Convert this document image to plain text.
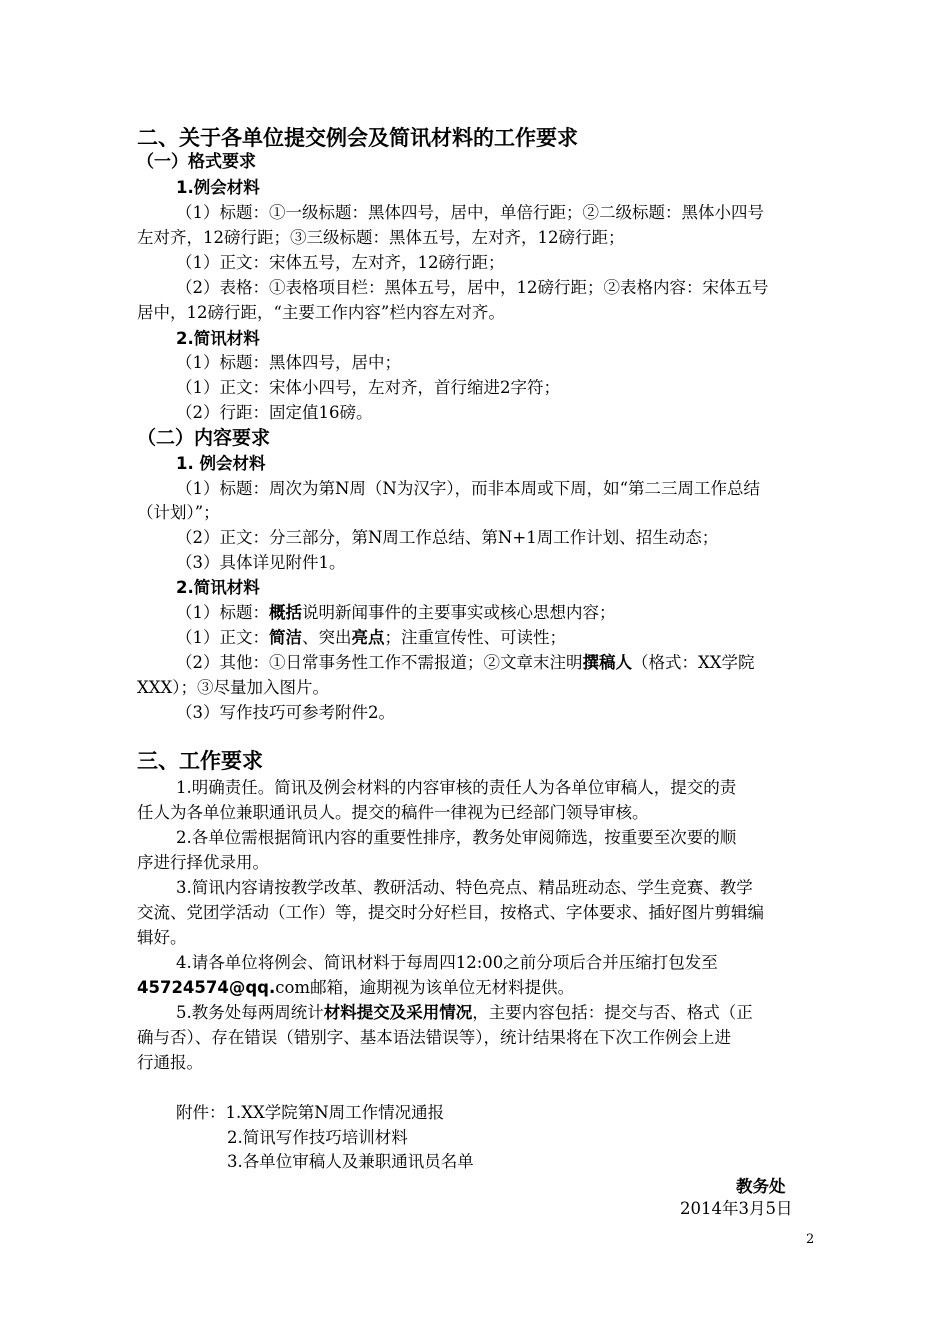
二、关于各单位提交例会及简讯材料的工作要求
（一）格式要求
1.例会材料
（1）标题：①一级标题：黑体四号，居中，单倍行距；②二级标题：黑体小四号
左对齐，12磅行距；③三级标题：黑体五号，左对齐，12磅行距；
（1）正文：宋体五号，左对齐，12磅行距；
（2）表格：①表格项目栏：黑体五号，居中，12磅行距；②表格内容：宋体五号
居中，12磅行距，“主要工作内容”栏内容左对齐。
2.简讯材料
（1）标题：黑体四号，居中；
（1）正文：宋体小四号，左对齐，首行缩进2字符；
（2）行距：固定值16磅。
（二）内容要求
1. 例会材料
（1）标题：周次为第N周（N为汉字），而非本周或下周，如“第二三周工作总结
（计划）”；
（2）正文：分三部分，第N周工作总结、第N+1周工作计划、招生动态；
（3）具体详见附件1。
2.简讯材料
（1）标题：概括说明新闻事件的主要事实或核心思想内容；
（1）正文：简洁、突出亮点；注重宣传性、可读性；
（2）其他：①日常事务性工作不需报道；②文章末注明撰稿人（格式：XX学院
XXX）；③尽量加入图片。
（3）写作技巧可参考附件2。
三、工作要求
1.明确责任。简讯及例会材料的内容审核的责任人为各单位审稿人，提交的责
任人为各单位兼职通讯员人。提交的稿件一律视为已经部门领导审核。
2.各单位需根据简讯内容的重要性排序，教务处审阅筛选，按重要至次要的顺
序进行择优录用。
3.简讯内容请按教学改革、教研活动、特色亮点、精品班动态、学生竞赛、教学
交流、党团学活动（工作）等，提交时分好栏目，按格式、字体要求、插好图片剪辑编
辑好。
4.请各单位将例会、简讯材料于每周四12:00之前分项后合并压缩打包发至
45724574@qq.com邮箱，逾期视为该单位无材料提供。
5.教务处每两周统计材料提交及采用情况，主要内容包括：提交与否、格式（正
确与否）、存在错误（错别字、基本语法错误等），统计结果将在下次工作例会上进
行通报。
附件：1.XX学院第N周工作情况通报
2.简讯写作技巧培训材料
3.各单位审稿人及兼职通讯员名单
教务处
2014年3月5日
2
